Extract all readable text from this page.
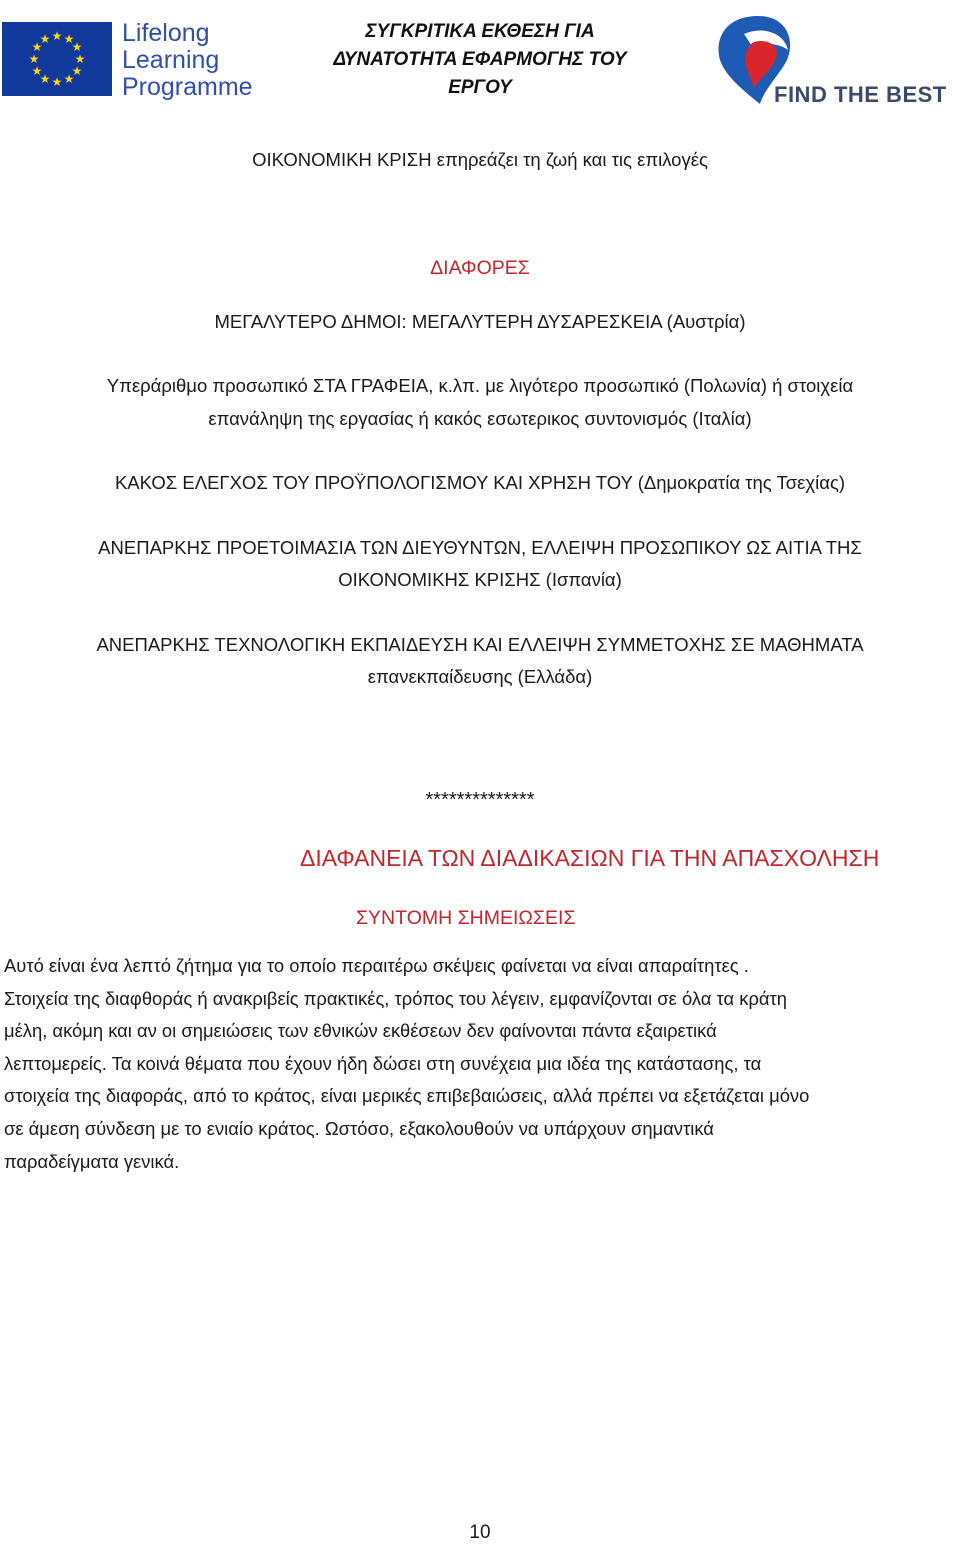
★ ★
★
★
★
★
★
★
★
★
★
★	Lifelong
Learning
Programme
ΣΥΓΚΡΙΤΙΚΑ ΕΚΘΕΣΗ ΓΙΑ
ΔΥΝΑΤΟΤΗΤΑ ΕΦΑΡΜΟΓΗΣ ΤΟΥ
ΕΡΓΟΥ	FIND THE BEST
ΟΙΚΟΝΟΜΙΚΗ ΚΡΙΣΗ επηρεάζει τη ζωή και τις επιλογές
ΔΙΑΦΟΡΕΣ
ΜΕΓΑΛΥΤΕΡΟ ΔΗΜΟΙ: ΜΕΓΑΛΥΤΕΡΗ ΔΥΣΑΡΕΣΚΕΙΑ (Αυστρία)
Υπεράριθμο προσωπικό ΣΤΑ ΓΡΑΦΕΙΑ, κ.λπ. με λιγότερο προσωπικό (Πολωνία) ή στοιχεία
επανάληψη της εργασίας ή κακός εσωτερικος συντονισμός (Ιταλία)
ΚΑΚΟΣ ΕΛΕΓΧΟΣ ΤΟΥ ΠΡΟΫΠΟΛΟΓΙΣΜΟΥ ΚΑΙ ΧΡΗΣΗ ΤΟΥ (Δημοκρατία της Τσεχίας)
ΑΝΕΠΑΡΚΗΣ ΠΡΟΕΤΟΙΜΑΣΙΑ ΤΩΝ ΔΙΕΥΘΥΝΤΩΝ, ΕΛΛΕΙΨΗ ΠΡΟΣΩΠΙΚΟΥ ΩΣ ΑΙΤΙΑ ΤΗΣ
ΟΙΚΟΝΟΜΙΚΗΣ ΚΡΙΣΗΣ (Ισπανία)
ΑΝΕΠΑΡΚΗΣ ΤΕΧΝΟΛΟΓΙΚΗ ΕΚΠΑΙΔΕΥΣΗ ΚΑΙ ΕΛΛΕΙΨΗ ΣΥΜΜΕΤΟΧΗΣ ΣΕ ΜΑΘΗΜΑΤΑ
επανεκπαίδευσης (Ελλάδα)
**************
ΔΙΑΦΑΝΕΙΑ ΤΩΝ ΔΙΑΔΙΚΑΣΙΩΝ ΓΙΑ ΤΗΝ ΑΠΑΣΧΟΛΗΣΗ
ΣΥΝΤΟΜΗ ΣΗΜΕΙΩΣΕΙΣ
Αυτό είναι ένα λεπτό ζήτημα για το οποίο περαιτέρω σκέψεις φαίνεται να είναι απαραίτητες .
Στοιχεία της διαφθοράς ή ανακριβείς πρακτικές, τρόπος του λέγειν, εμφανίζονται σε όλα τα κράτη
μέλη, ακόμη και αν οι σημειώσεις των εθνικών εκθέσεων δεν φαίνονται πάντα εξαιρετικά
λεπτομερείς. Τα κοινά θέματα που έχουν ήδη δώσει στη συνέχεια μια ιδέα της κατάστασης, τα
στοιχεία της διαφοράς, από το κράτος, είναι μερικές επιβεβαιώσεις, αλλά πρέπει να εξετάζεται μόνο
σε άμεση σύνδεση με το ενιαίο κράτος. Ωστόσο, εξακολουθούν να υπάρχουν σημαντικά
παραδείγματα γενικά.
10
